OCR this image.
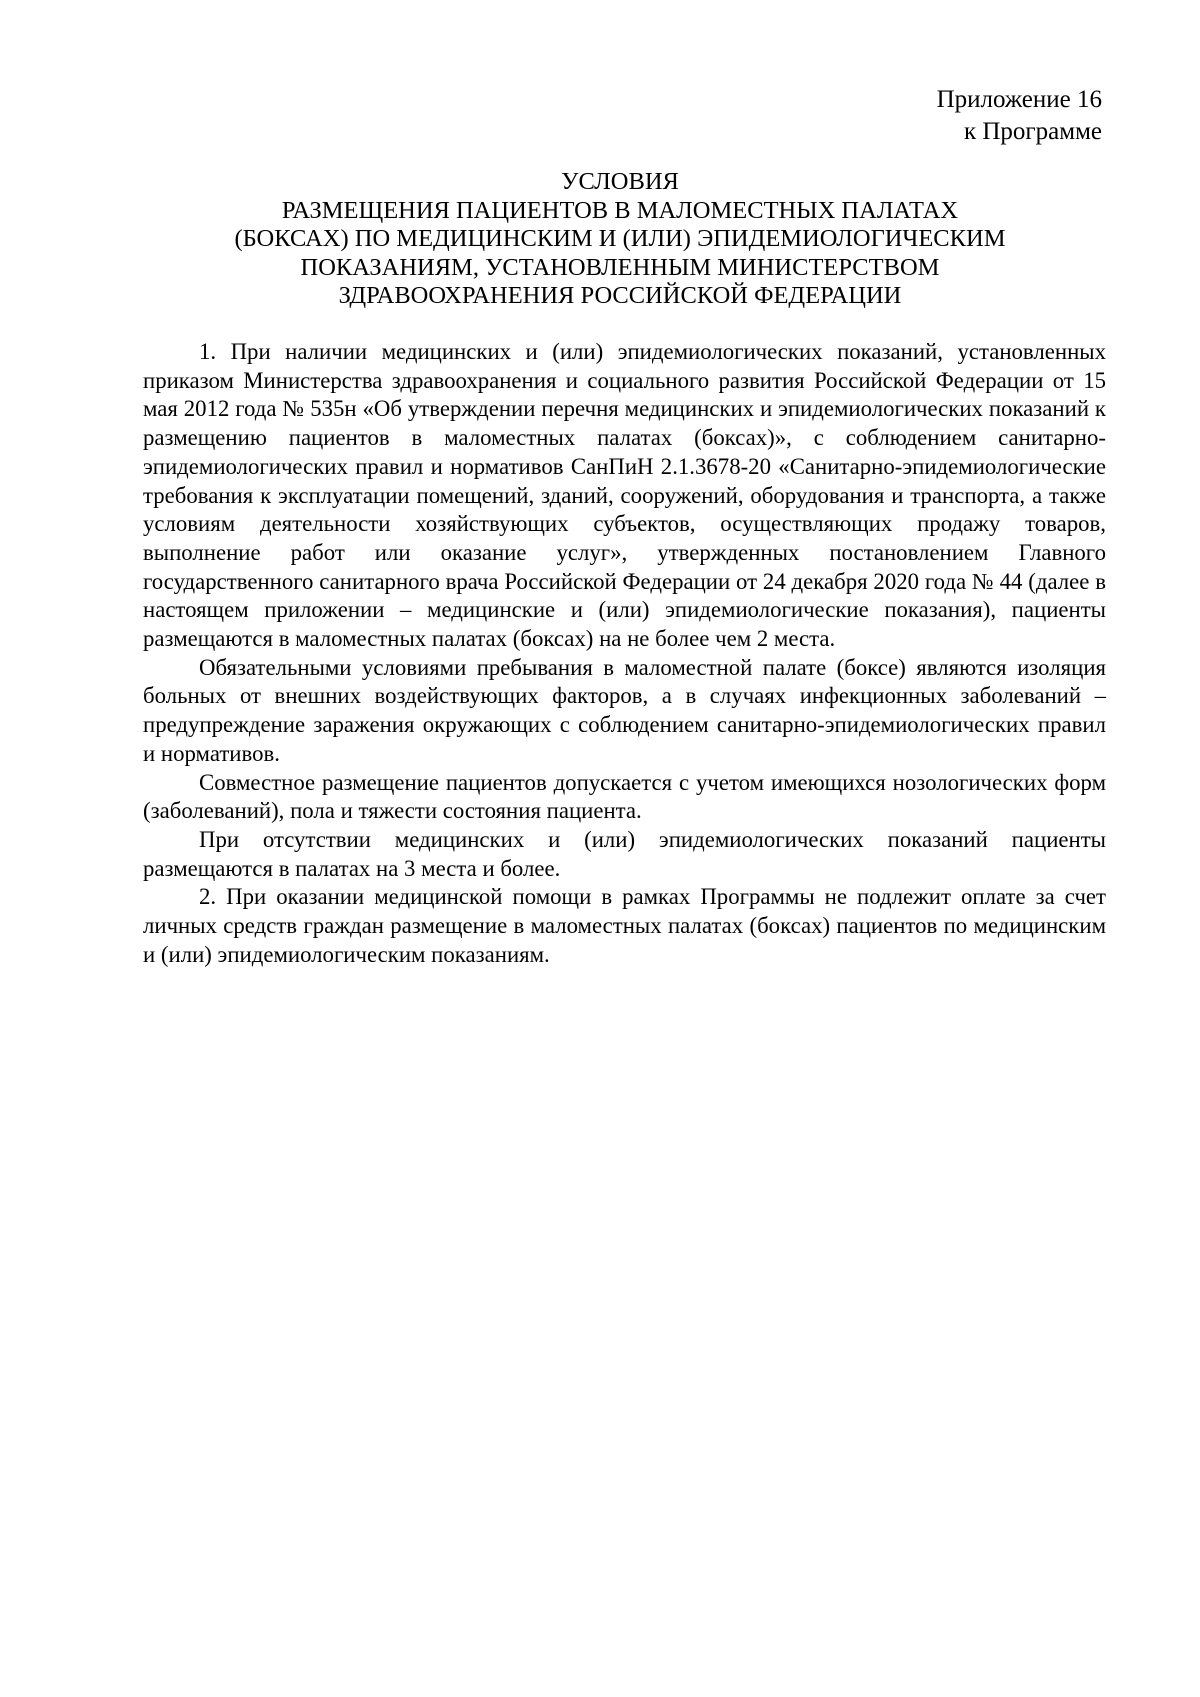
Приложение 16
к Программе
УСЛОВИЯ
РАЗМЕЩЕНИЯ ПАЦИЕНТОВ В МАЛОМЕСТНЫХ ПАЛАТАХ
(БОКСАХ) ПО МЕДИЦИНСКИМ И (ИЛИ) ЭПИДЕМИОЛОГИЧЕСКИМ
ПОКАЗАНИЯМ, УСТАНОВЛЕННЫМ МИНИСТЕРСТВОМ
ЗДРАВООХРАНЕНИЯ РОССИЙСКОЙ ФЕДЕРАЦИИ

1. При наличии медицинских и (или) эпидемиологических показаний, установленных приказом Министерства здравоохранения и социального развития Российской Федерации от 15 мая 2012 года № 535н «Об утверждении перечня медицинских и эпидемиологических показаний к размещению пациентов в маломестных палатах (боксах)», с соблюдением санитарно-эпидемиологических правил и нормативов СанПиН 2.1.3678-20 «Санитарно-эпидемиологические требования к эксплуатации помещений, зданий, сооружений, оборудования и транспорта, а также условиям деятельности хозяйствующих субъектов, осуществляющих продажу товаров, выполнение работ или оказание услуг», утвержденных постановлением Главного государственного санитарного врача Российской Федерации от 24 декабря 2020 года № 44 (далее в настоящем приложении – медицинские и (или) эпидемиологические показания), пациенты размещаются в маломестных палатах (боксах) на не более чем 2 места.

Обязательными условиями пребывания в маломестной палате (боксе) являются изоляция больных от внешних воздействующих факторов, а в случаях инфекционных заболеваний – предупреждение заражения окружающих с соблюдением санитарно-эпидемиологических правил и нормативов.

Совместное размещение пациентов допускается с учетом имеющихся нозологических форм (заболеваний), пола и тяжести состояния пациента.

При отсутствии медицинских и (или) эпидемиологических показаний пациенты размещаются в палатах на 3 места и более.

2. При оказании медицинской помощи в рамках Программы не подлежит оплате за счет личных средств граждан размещение в маломестных палатах (боксах) пациентов по медицинским и (или) эпидемиологическим показаниям.
